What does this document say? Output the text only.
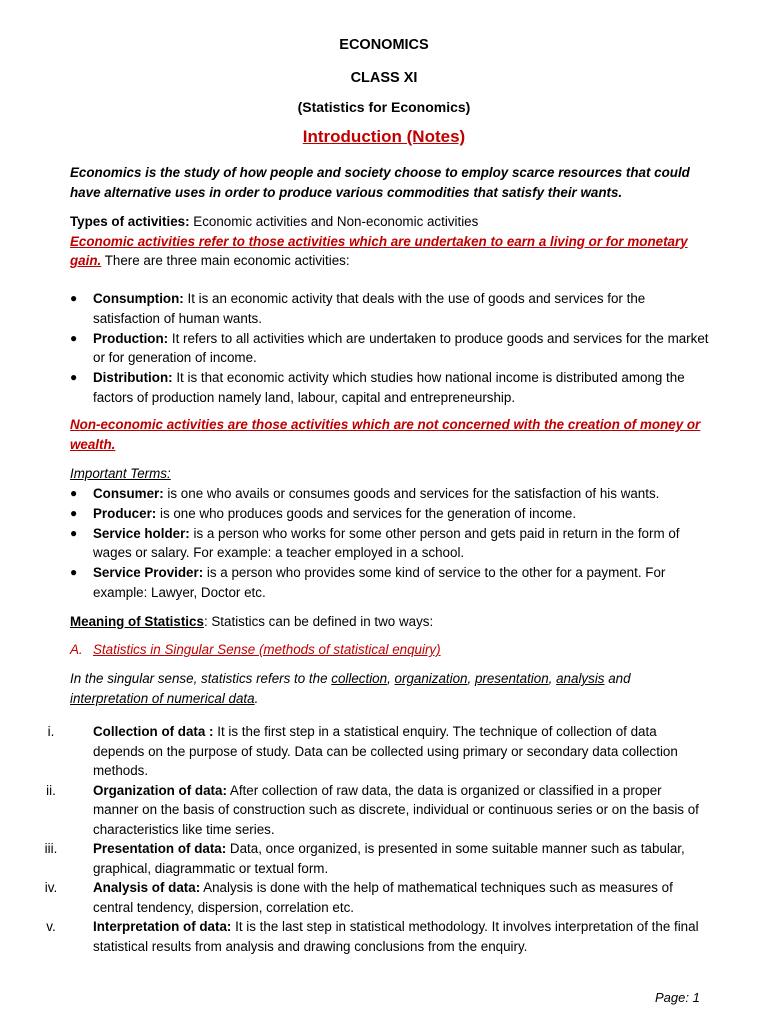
ECONOMICS
CLASS XI
(Statistics for Economics)
Introduction (Notes)
Economics is the study of how people and society choose to employ scarce resources that could have alternative uses in order to produce various commodities that satisfy their wants.
Types of activities: Economic activities and Non-economic activities
Economic activities refer to those activities which are undertaken to earn a living or for monetary gain. There are three main economic activities:
● Consumption: It is an economic activity that deals with the use of goods and services for the satisfaction of human wants.
● Production: It refers to all activities which are undertaken to produce goods and services for the market or for generation of income.
● Distribution: It is that economic activity which studies how national income is distributed among the factors of production namely land, labour, capital and entrepreneurship.
Non-economic activities are those activities which are not concerned with the creation of money or wealth.
Important Terms:
● Consumer: is one who avails or consumes goods and services for the satisfaction of his wants.
● Producer: is one who produces goods and services for the generation of income.
● Service holder: is a person who works for some other person and gets paid in return in the form of wages or salary. For example: a teacher employed in a school.
● Service Provider: is a person who provides some kind of service to the other for a payment. For example: Lawyer, Doctor etc.
Meaning of Statistics: Statistics can be defined in two ways:
A. Statistics in Singular Sense (methods of statistical enquiry)
In the singular sense, statistics refers to the collection, organization, presentation, analysis and interpretation of numerical data.
i.	Collection of data : It is the first step in a statistical enquiry. The technique of collection of data depends on the purpose of study. Data can be collected using primary or secondary data collection methods.
ii.	Organization of data: After collection of raw data, the data is organized or classified in a proper manner on the basis of construction such as discrete, individual or continuous series or on the basis of characteristics like time series.
iii.	Presentation of data: Data, once organized, is presented in some suitable manner such as tabular, graphical, diagrammatic or textual form.
iv.	Analysis of data: Analysis is done with the help of mathematical techniques such as measures of central tendency, dispersion, correlation etc.
v.	Interpretation of data: It is the last step in statistical methodology. It involves interpretation of the final statistical results from analysis and drawing conclusions from the enquiry.
Page: 1
